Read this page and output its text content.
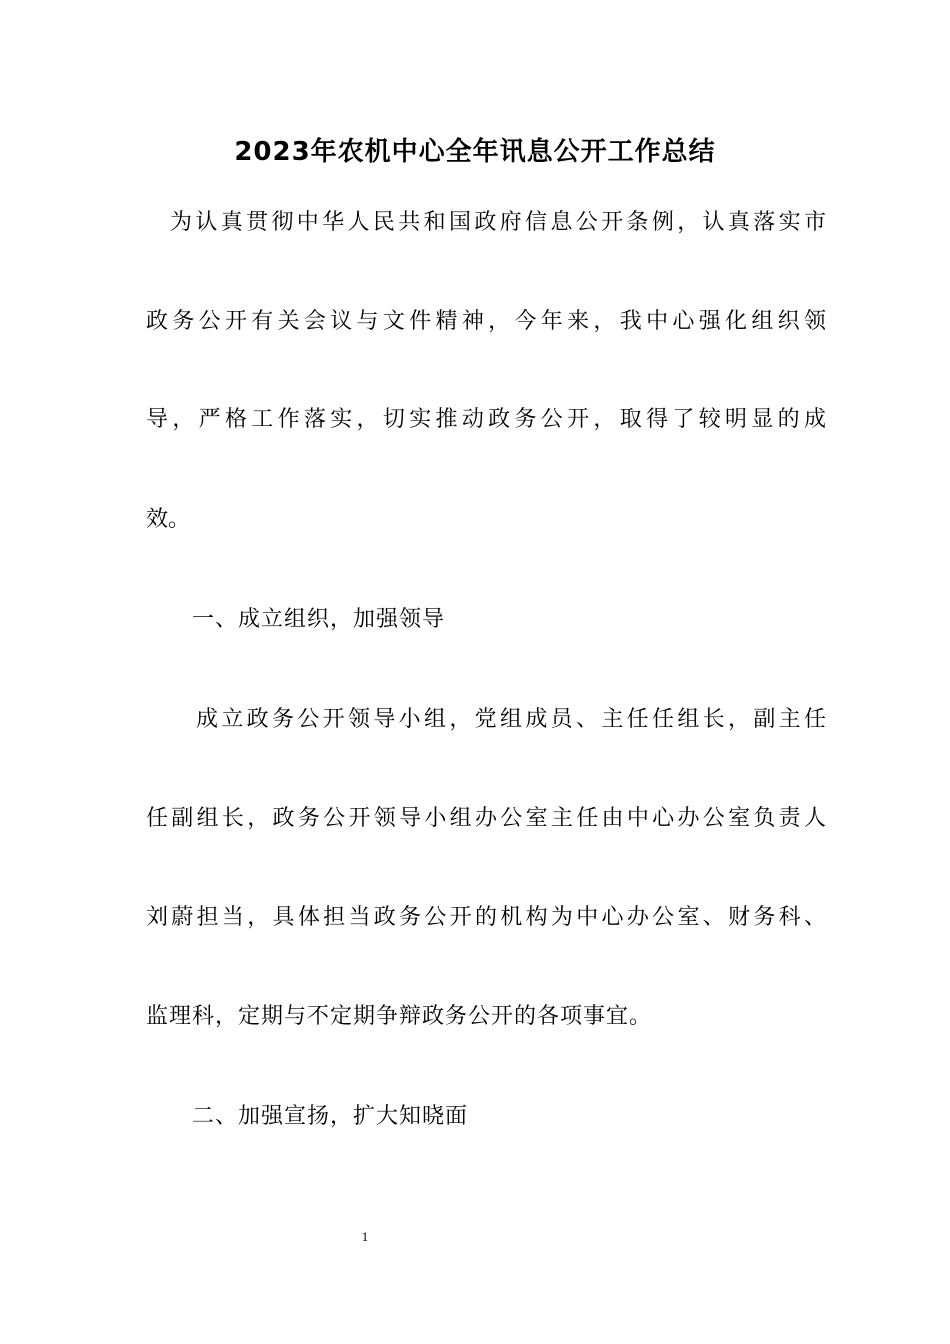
2023年农机中心全年讯息公开工作总结
为认真贯彻中华人民共和国政府信息公开条例，认真落实市
政务公开有关会议与文件精神，今年来，我中心强化组织领
导，严格工作落实，切实推动政务公开，取得了较明显的成
效。
一、成立组织，加强领导
成立政务公开领导小组，党组成员、主任任组长，副主任
任副组长，政务公开领导小组办公室主任由中心办公室负责人
刘蔚担当，具体担当政务公开的机构为中心办公室、财务科、
监理科，定期与不定期争辩政务公开的各项事宜。
二、加强宣扬，扩大知晓面
1
